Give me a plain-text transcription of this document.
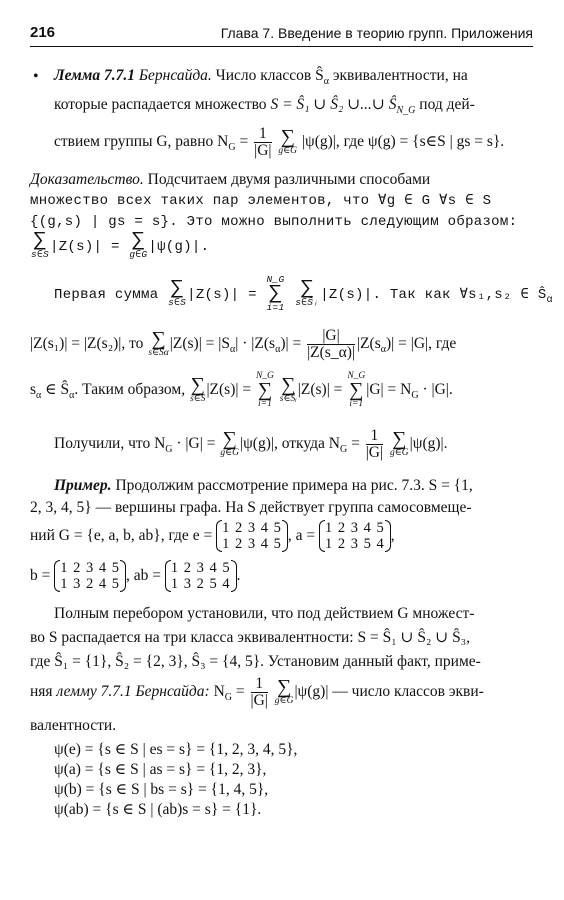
216	Глава 7. Введение в теорию групп. Приложения
• Лемма 7.7.1 Бернсайда. Число классов $Ŝ_\alpha$ эквивалентности, на
которые распадается множество S = Ŝ₁ ∪ Ŝ₂ ∪...∪ $Ŝ_{N\_G}$ под дей-
ствием группы G, равно $N_G = \frac{1}{|G|}$
∑
g∈G
|ψ(g)|, где ψ(g) = {s∈S | gs = s}.
Доказательство. Подсчитаем двумя различными способами
множество всех таких пар элементов, что ∀g ∈ G ∀s ∈ S
{(g,s) | gs = s}. Это можно выполнить следующим образом:
∑
s∈S |Z(s)| = ∑
g∈G |ψ(g)|.
Первая сумма ∑
s∈S |Z(s)| =
N_G
∑
i=1

∑
s∈Ŝᵢ |Z(s)|. Так как ∀s₁,s₂ ∈ $Ŝ_\alpha$
|Z(s₁)| = |Z(s₂)|, то ∑
s∈Ŝα
$|Z(s)| = |S_\alpha| \cdot |Z(s_\alpha)| = \frac{|G|}{|Z(s\_\alpha)|} |Z(s_\alpha)| = |G|$, где
$s_\alpha$ ∈ $Ŝ_\alpha$. Таким образом, ∑
s∈S
|Z(s)| =
N_G
∑
i=1

∑
s∈Ŝᵢ
|Z(s)| =
N_G
∑
i=1
$|G| = N_G \cdot |G|$.
Получили, что $N_G \cdot |G|$ = ∑
g∈G
|ψ(g)|, откуда $N_G = \frac{1}{|G|}$
∑
g∈G
|ψ(g)|.
Пример. Продолжим рассмотрение примера на рис. 7.3. S = {1,
2, 3, 4, 5} — вершины графа. На S действует группа самосовмеще-
ний G = {e, a, b, ab}, где e = 1 2 3 4 5
1 2 3 4 5
, a = 1 2 3 4 5
1 2 3 5 4
,
b = 1 2 3 4 5
1 3 2 4 5
, ab = 1 2 3 4 5
1 3 2 5 4
.
Полным перебором установили, что под действием G множест-
во S распадается на три класса эквивалентности: S = Ŝ₁ ∪ Ŝ₂ ∪ Ŝ₃,
где Ŝ₁ = {1}, Ŝ₂ = {2, 3}, Ŝ₃ = {4, 5}. Установим данный факт, приме-
няя лемму 7.7.1 Бернсайда: $N_G = \frac{1}{|G|}$
∑
g∈G
|ψ(g)| — число классов экви-
валентности.
ψ(e) = {s ∈ S | es = s} = {1, 2, 3, 4, 5},
ψ(a) = {s ∈ S | as = s} = {1, 2, 3},
ψ(b) = {s ∈ S | bs = s} = {1, 4, 5},
ψ(ab) = {s ∈ S | (ab)s = s} = {1}.
